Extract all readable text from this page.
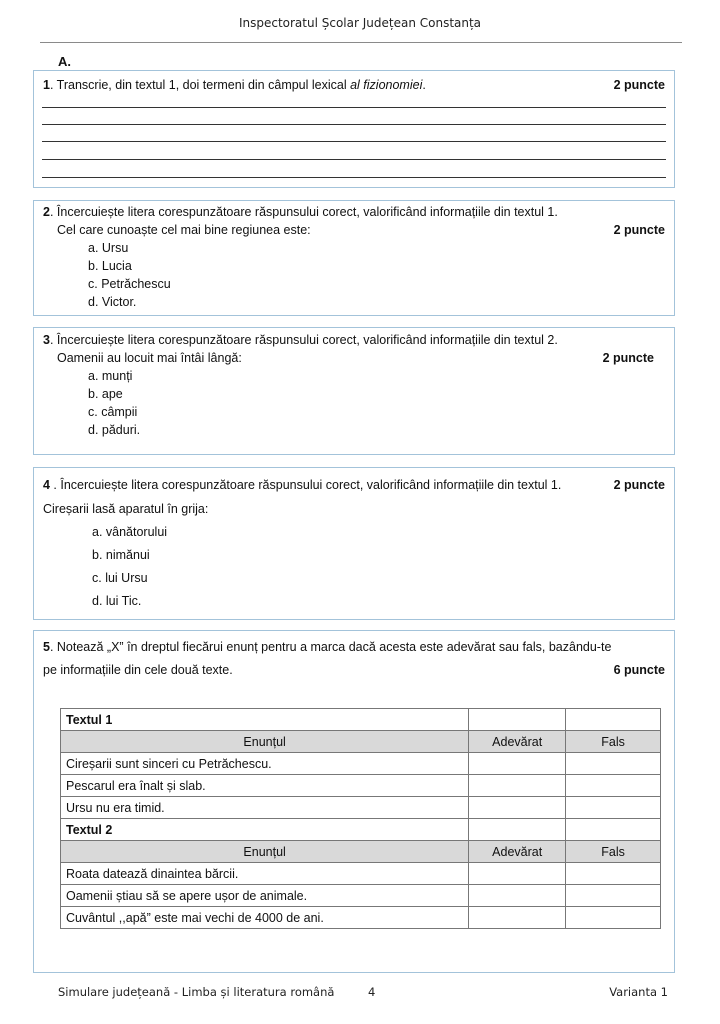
Inspectoratul Școlar Județean Constanța
A.
1. Transcrie, din textul 1, doi termeni din câmpul lexical al fizionomiei.	2 puncte
2. Încercuiește litera corespunzătoare răspunsului corect, valorificând informațiile din textul 1.
Cel care cunoaște cel mai bine regiunea este:	2 puncte
a. Ursu
b. Lucia
c. Petrăchescu
d. Victor.
3. Încercuiește litera corespunzătoare răspunsului corect, valorificând informațiile din textul 2.
Oamenii au locuit mai întâi lângă:	2 puncte
a. munți
b. ape
c. câmpii
d. păduri.
4 . Încercuiește litera corespunzătoare răspunsului corect, valorificând informațiile din textul 1.	2 puncte
Cireșarii lasă aparatul în grija:
a. vânătorului
b. nimănui
c. lui Ursu
d. lui Tic.
5. Notează „X” în dreptul fiecărui enunț pentru a marca dacă acesta este adevărat sau fals, bazându-te
pe informațiile din cele două texte.	6 puncte
Textul 1		
Enunțul	Adevărat	Fals
Cireșarii sunt sinceri cu Petrăchescu.		
Pescarul era înalt și slab.		
Ursu nu era timid.		
Textul 2		
Enunțul	Adevărat	Fals
Roata datează dinaintea bărcii.		
Oamenii știau să se apere ușor de animale.		
Cuvântul ,,apă” este mai vechi de 4000 de ani.		
Simulare județeană - Limba și literatura română	4	Varianta 1
